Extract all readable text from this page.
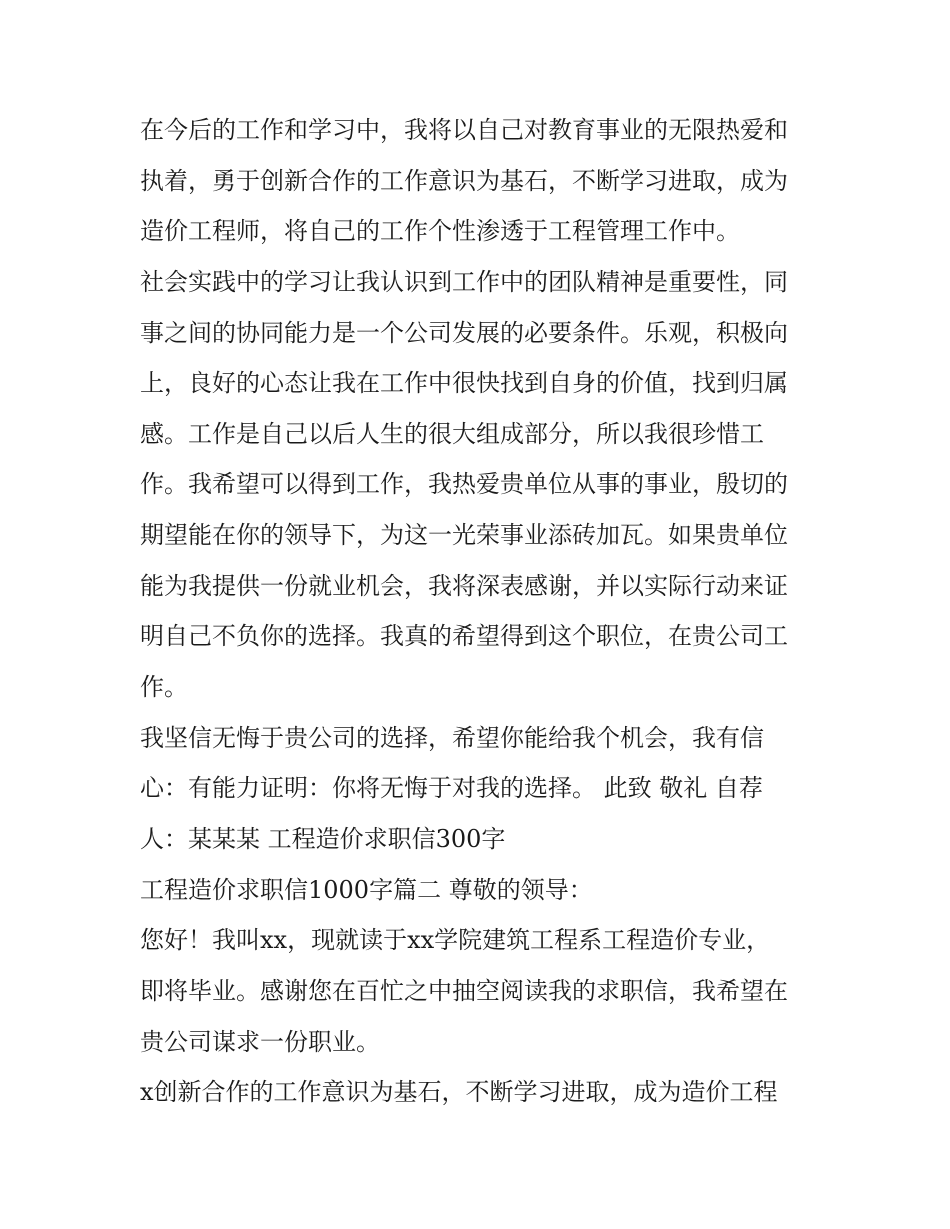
在今后的工作和学习中，我将以自己对教育事业的无限热爱和
执着，勇于创新合作的工作意识为基石，不断学习进取，成为
造价工程师，将自己的工作个性渗透于工程管理工作中。
社会实践中的学习让我认识到工作中的团队精神是重要性，同
事之间的协同能力是一个公司发展的必要条件。乐观，积极向
上，良好的心态让我在工作中很快找到自身的价值，找到归属
感。工作是自己以后人生的很大组成部分，所以我很珍惜工
作。我希望可以得到工作，我热爱贵单位从事的事业，殷切的
期望能在你的领导下，为这一光荣事业添砖加瓦。如果贵单位
能为我提供一份就业机会，我将深表感谢，并以实际行动来证
明自己不负你的选择。我真的希望得到这个职位，在贵公司工
作。
我坚信无悔于贵公司的选择，希望你能给我个机会，我有信
心：有能力证明：你将无悔于对我的选择。 此致 敬礼 自荐
人：某某某 工程造价求职信300字
工程造价求职信1000字篇二 尊敬的领导：
您好！我叫xx，现就读于xx学院建筑工程系工程造价专业，
即将毕业。感谢您在百忙之中抽空阅读我的求职信，我希望在
贵公司谋求一份职业。
x创新合作的工作意识为基石，不断学习进取，成为造价工程
